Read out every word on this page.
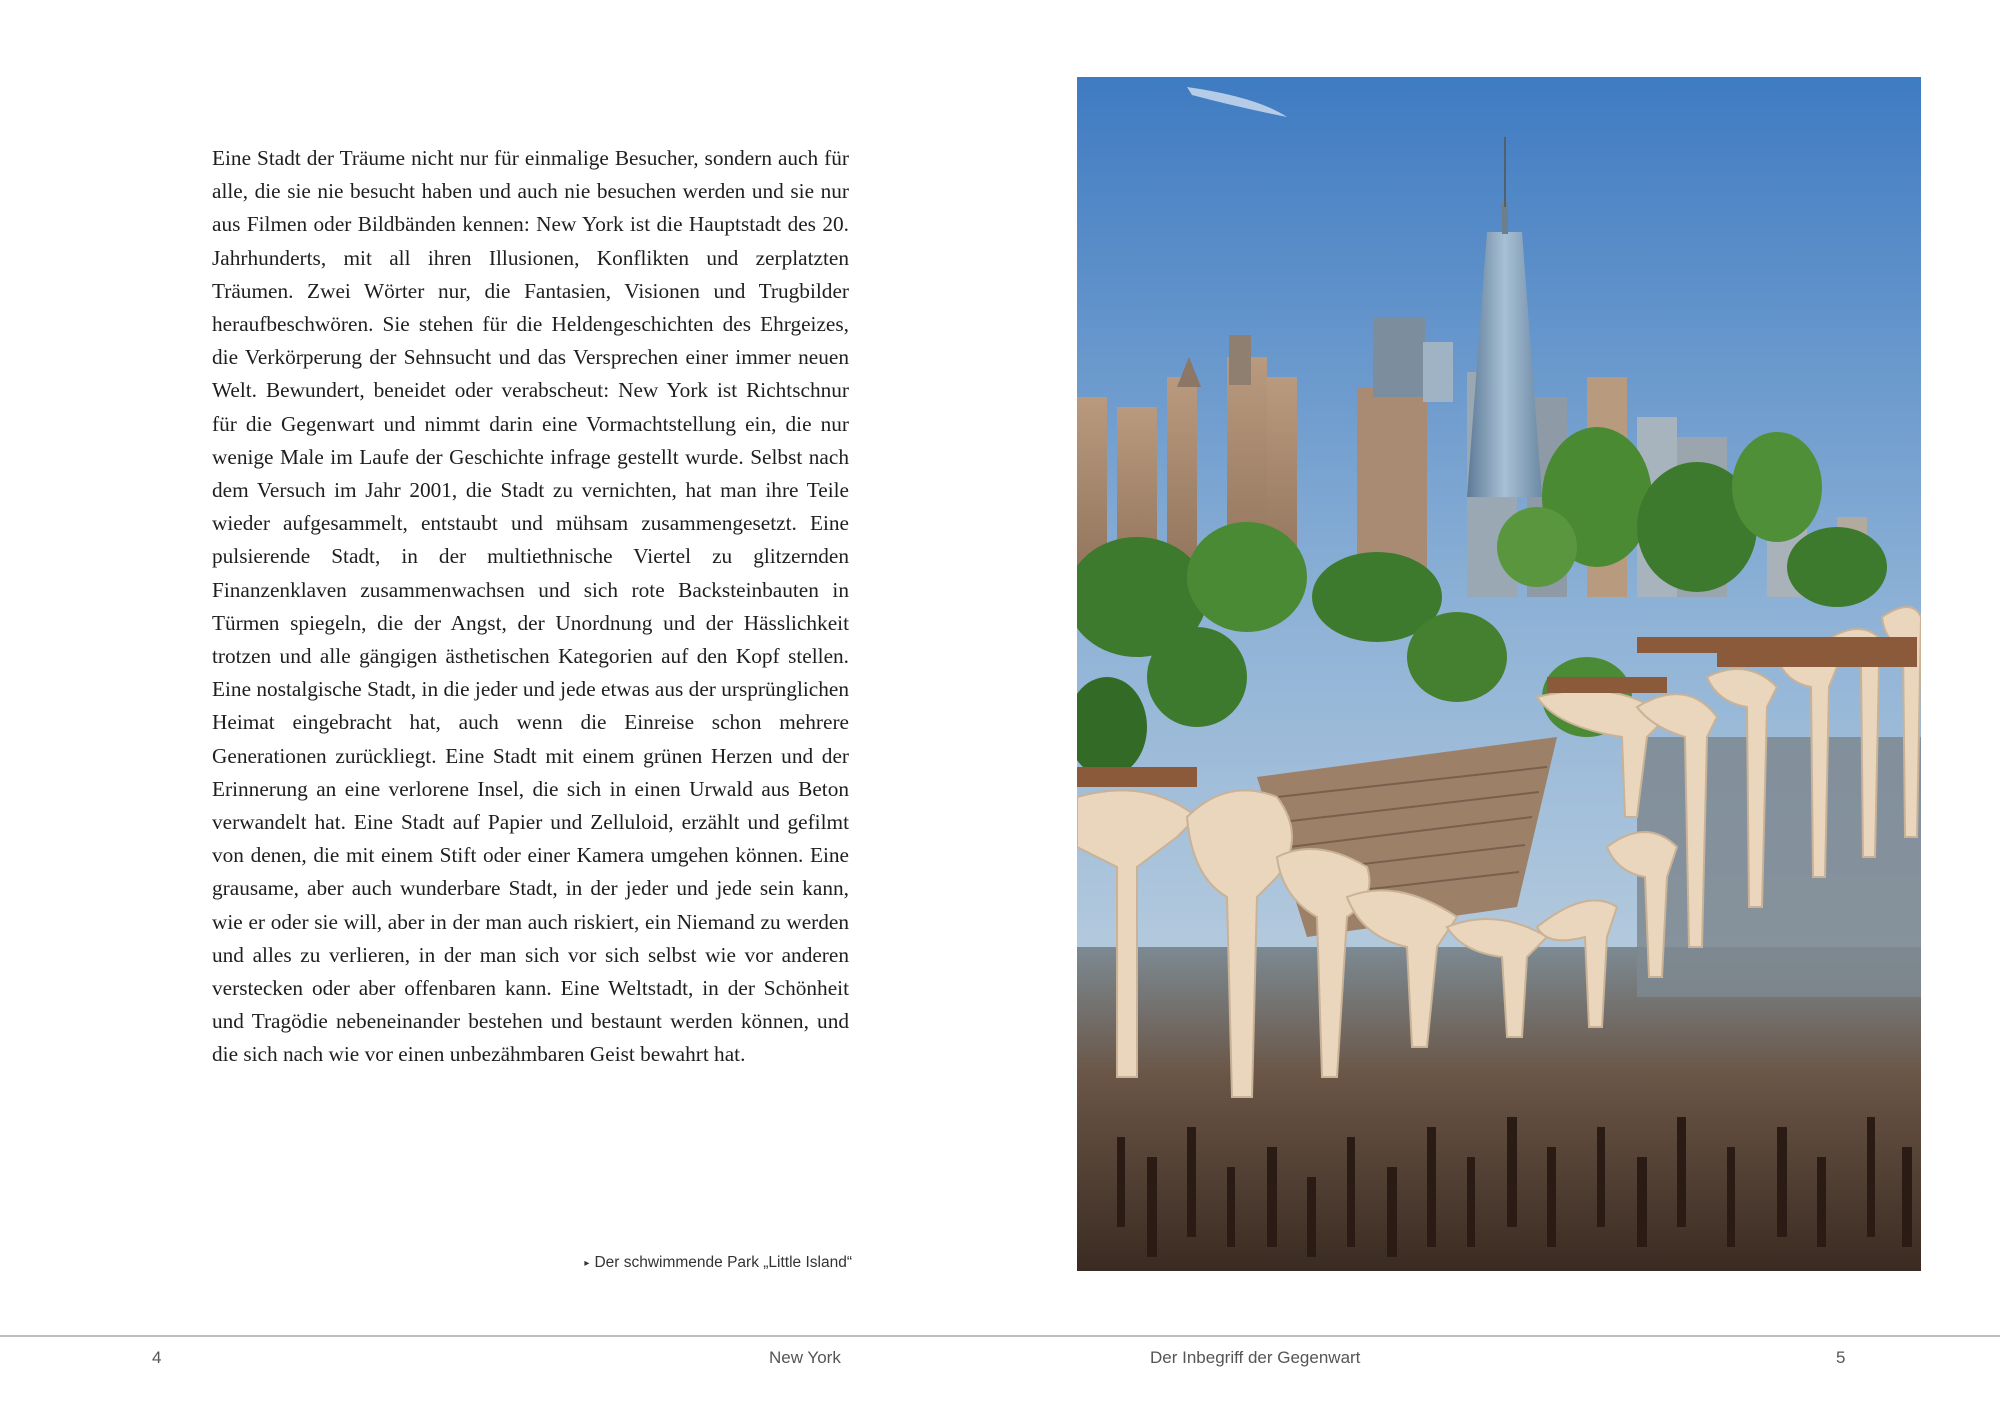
Eine Stadt der Träume nicht nur für einmalige Besucher, sondern auch für alle, die sie nie besucht haben und auch nie besuchen werden und sie nur aus Filmen oder Bildbänden kennen: New York ist die Hauptstadt des 20. Jahrhunderts, mit all ihren Illusionen, Konflikten und zerplatzten Träumen. Zwei Wörter nur, die Fantasien, Visionen und Trugbilder heraufbeschwören. Sie stehen für die Heldengeschichten des Ehrgeizes, die Verkörperung der Sehnsucht und das Versprechen einer immer neuen Welt. Bewundert, beneidet oder verabscheut: New York ist Richtschnur für die Gegenwart und nimmt darin eine Vormachtstellung ein, die nur wenige Male im Laufe der Geschichte infrage gestellt wurde. Selbst nach dem Versuch im Jahr 2001, die Stadt zu vernichten, hat man ihre Teile wieder aufgesammelt, entstaubt und mühsam zusammengesetzt. Eine pulsierende Stadt, in der multiethnische Viertel zu glitzernden Finanzenklaven zusammenwachsen und sich rote Backsteinbauten in Türmen spiegeln, die der Angst, der Unordnung und der Hässlichkeit trotzen und alle gängigen ästhetischen Kategorien auf den Kopf stellen. Eine nostalgische Stadt, in die jeder und jede etwas aus der ursprünglichen Heimat eingebracht hat, auch wenn die Einreise schon mehrere Generationen zurückliegt. Eine Stadt mit einem grünen Herzen und der Erinnerung an eine verlorene Insel, die sich in einen Urwald aus Beton verwandelt hat. Eine Stadt auf Papier und Zelluloid, erzählt und gefilmt von denen, die mit einem Stift oder einer Kamera umgehen können. Eine grausame, aber auch wunderbare Stadt, in der jeder und jede sein kann, wie er oder sie will, aber in der man auch riskiert, ein Niemand zu werden und alles zu verlieren, in der man sich vor sich selbst wie vor anderen verstecken oder aber offenbaren kann. Eine Weltstadt, in der Schönheit und Tragödie nebeneinander bestehen und bestaunt werden können, und die sich nach wie vor einen unbezähmbaren Geist bewahrt hat.

▸ Der schwimmende Park „Little Island“
4	New York	Der Inbegriff der Gegenwart	5
